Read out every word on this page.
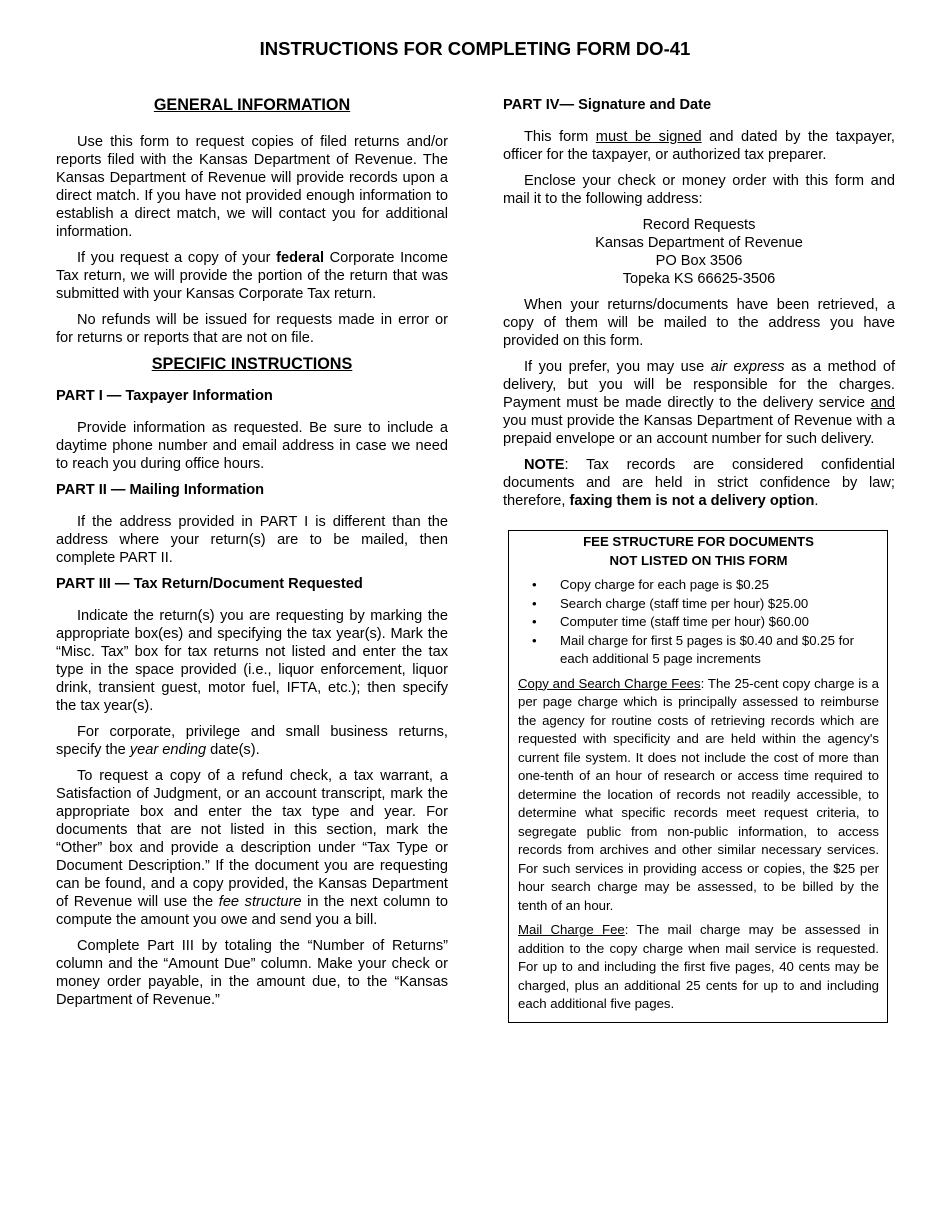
INSTRUCTIONS FOR COMPLETING FORM DO-41
GENERAL INFORMATION

Use this form to request copies of filed returns and/or reports filed with the Kansas Department of Revenue. The Kansas Department of Revenue will provide records upon a direct match. If you have not provided enough information to establish a direct match, we will contact you for additional information.

If you request a copy of your federal Corporate Income Tax return, we will provide the portion of the return that was submitted with your Kansas Corporate Tax return.

No refunds will be issued for requests made in error or for returns or reports that are not on file.

SPECIFIC INSTRUCTIONS
PART I — Taxpayer Information

Provide information as requested. Be sure to include a daytime phone number and email address in case we need to reach you during office hours.

PART II — Mailing Information

If the address provided in PART I is different than the address where your return(s) are to be mailed, then complete PART II.

PART III — Tax Return/Document Requested

Indicate the return(s) you are requesting by marking the appropriate box(es) and specifying the tax year(s). Mark the “Misc. Tax” box for tax returns not listed and enter the tax type in the space provided (i.e., liquor enforcement, liquor drink, transient guest, motor fuel, IFTA, etc.); then specify the tax year(s).

For corporate, privilege and small business returns, specify the year ending date(s).

To request a copy of a refund check, a tax warrant, a Satisfaction of Judgment, or an account transcript, mark the appropriate box and enter the tax type and year. For documents that are not listed in this section, mark the “Other” box and provide a description under “Tax Type or Document Description.” If the document you are requesting can be found, and a copy provided, the Kansas Department of Revenue will use the fee structure in the next column to compute the amount you owe and send you a bill.

Complete Part III by totaling the “Number of Returns” column and the “Amount Due” column. Make your check or money order payable, in the amount due, to the “Kansas Department of Revenue.”

PART IV— Signature and Date

This form must be signed and dated by the taxpayer, officer for the taxpayer, or authorized tax preparer.

Enclose your check or money order with this form and mail it to the following address:

Record Requests
Kansas Department of Revenue
PO Box 3506
Topeka KS 66625-3506

When your returns/documents have been retrieved, a copy of them will be mailed to the address you have provided on this form.

If you prefer, you may use air express as a method of delivery, but you will be responsible for the charges. Payment must be made directly to the delivery service and you must provide the Kansas Department of Revenue with a prepaid envelope or an account number for such delivery.

NOTE: Tax records are considered confidential documents and are held in strict confidence by law; therefore, faxing them is not a delivery option.

FEE STRUCTURE FOR DOCUMENTS
NOT LISTED ON THIS FORM
• Copy charge for each page is $0.25
• Search charge (staff time per hour) $25.00
• Computer time (staff time per hour) $60.00
• Mail charge for first 5 pages is $0.40 and $0.25 for each additional 5 page increments

Copy and Search Charge Fees: The 25-cent copy charge is a per page charge which is principally assessed to reimburse the agency for routine costs of retrieving records which are requested with specificity and are held within the agency's current file system. It does not include the cost of more than one-tenth of an hour of research or access time required to determine the location of records not readily accessible, to determine what specific records meet request criteria, to segregate public from non-public information, to access records from archives and other similar necessary services. For such services in providing access or copies, the $25 per hour search charge may be assessed, to be billed by the tenth of an hour.

Mail Charge Fee: The mail charge may be assessed in addition to the copy charge when mail service is requested. For up to and including the first five pages, 40 cents may be charged, plus an additional 25 cents for up to and including each additional five pages.
